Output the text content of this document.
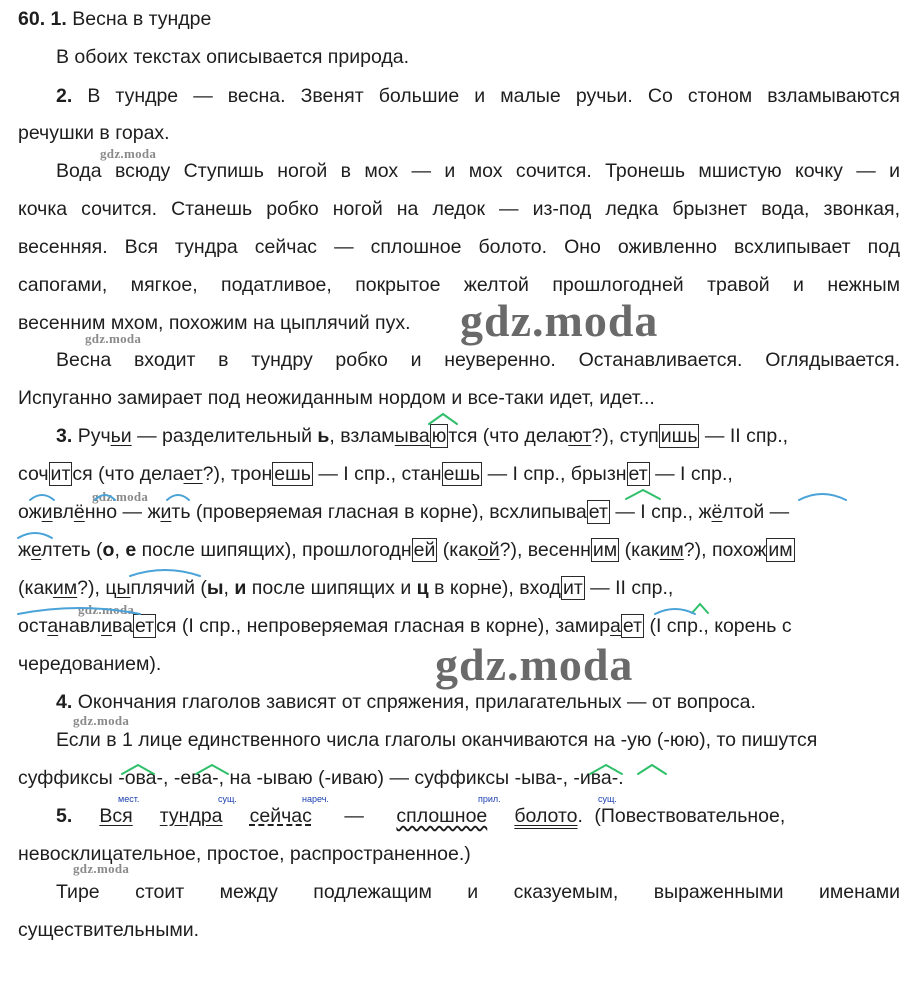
gdz.moda
gdz.moda
gdz.moda
gdz.moda
gdz.moda
gdz.moda
gdz.moda
gdz.moda
60. 1. Весна в тундре
В обоих текстах описывается природа.
2. В тундре — весна. Звенят большие и малые ручьи. Со стоном взламываются
речушки в горах.
Вода всюду Ступишь ногой в мох — и мох сочится. Тронешь мшистую кочку — и
кочка сочится. Станешь робко ногой на ледок — из-под ледка брызнет вода, звонкая,
весенняя. Вся тундра сейчас — сплошное болото. Оно оживленно всхлипывает под
сапогами, мягкое, податливое, покрытое желтой прошлогодней травой и нежным
весенним мхом, похожим на цыплячий пух.
Весна входит в тундру робко и неуверенно. Останавливается. Оглядывается.
Испуганно замирает под неожиданным нордом и все-таки идет, идет...
3. Ручьи — разделительный ь, взламыва ю тся (что делают?), ступ ишь — II спр.,
соч ит ся (что делает?), трон ешь — I спр., стан ешь — I спр., брызн ет — I спр.,
оживлённо — жить (проверяемая гласная в корне), всхлипыва ет — I спр., жёлтой —
желтеть (о, е после шипящих), прошлогодн ей (какой?), весенн им (каким?), похож им
(каким?), цыплячий (ы, и после шипящих и ц в корне), вход ит — II спр.,
останавлива ет ся (I спр., непроверяемая гласная в корне), замира ет (I спр., корень с
чередованием).
4. Окончания глаголов зависят от спряжения, прилагательных — от вопроса.
Если в 1 лице единственного числа глаголы оканчиваются на -ую (-юю), то пишутся
суффиксы -ова-, -ева-, на -ываю (-иваю) — суффиксы -ыва-, -ива-.
мест.	сущ.	нареч.	прил.	сущ.
5. Вся тундра сейчас — сплошное болото. (Повествовательное,
невосклицательное, простое, распространенное.)
Тире стоит между подлежащим и сказуемым, выраженными именами
существительными.
